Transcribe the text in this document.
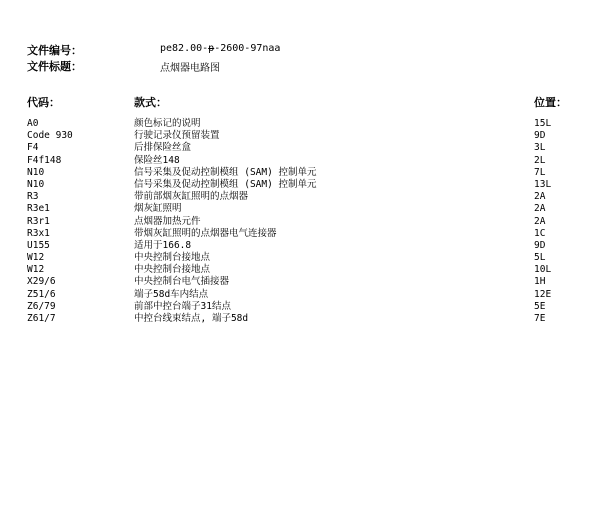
文件编号：	pe82.00-p-2600-97naa
文件标题：	点烟器电路图
代码：	款式：	位置：
A0	颜色标记的说明	15L
Code 930	行驶记录仪预留装置	9D
F4	后排保险丝盒	3L
F4f148	保险丝148	2L
N10	信号采集及促动控制模组 (SAM) 控制单元	7L
N10	信号采集及促动控制模组 (SAM) 控制单元	13L
R3	带前部烟灰缸照明的点烟器	2A
R3e1	烟灰缸照明	2A
R3r1	点烟器加热元件	2A
R3x1	带烟灰缸照明的点烟器电气连接器	1C
U155	适用于166.8	9D
W12	中央控制台接地点	5L
W12	中央控制台接地点	10L
X29/6	中央控制台电气插接器	1H
Z51/6	端子58d车内结点	12E
Z6/79	前部中控台端子31结点	5E
Z61/7	中控台线束结点, 端子58d	7E
